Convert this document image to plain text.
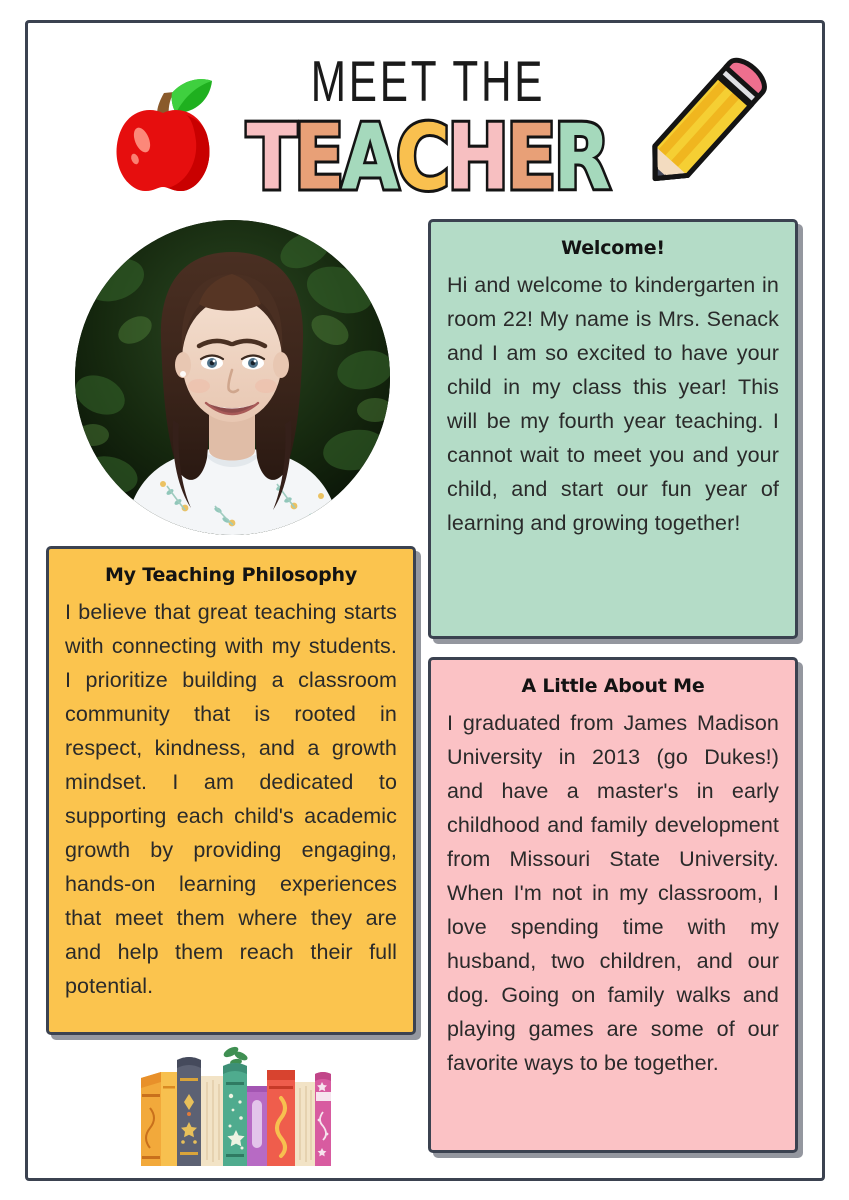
MEET THE
TEACHER
Welcome!
Hi and welcome to kindergarten in room 22! My name is Mrs. Senack and I am so excited to have your child in my class this year! This will be my fourth year teaching. I cannot wait to meet you and your child, and start our fun year of learning and growing together!
My Teaching Philosophy
I believe that great teaching starts with connecting with my students. I prioritize building a classroom community that is rooted in respect, kindness, and a growth mindset. I am dedicated to supporting each child's academic growth by providing engaging, hands-on learning experiences that meet them where they are and help them reach their full potential.
A Little About Me
I graduated from James Madison University in 2013 (go Dukes!) and have a master's in early childhood and family development from Missouri State University. When I'm not in my classroom, I love spending time with my husband, two children, and our dog. Going on family walks and playing games are some of our favorite ways to be together.
